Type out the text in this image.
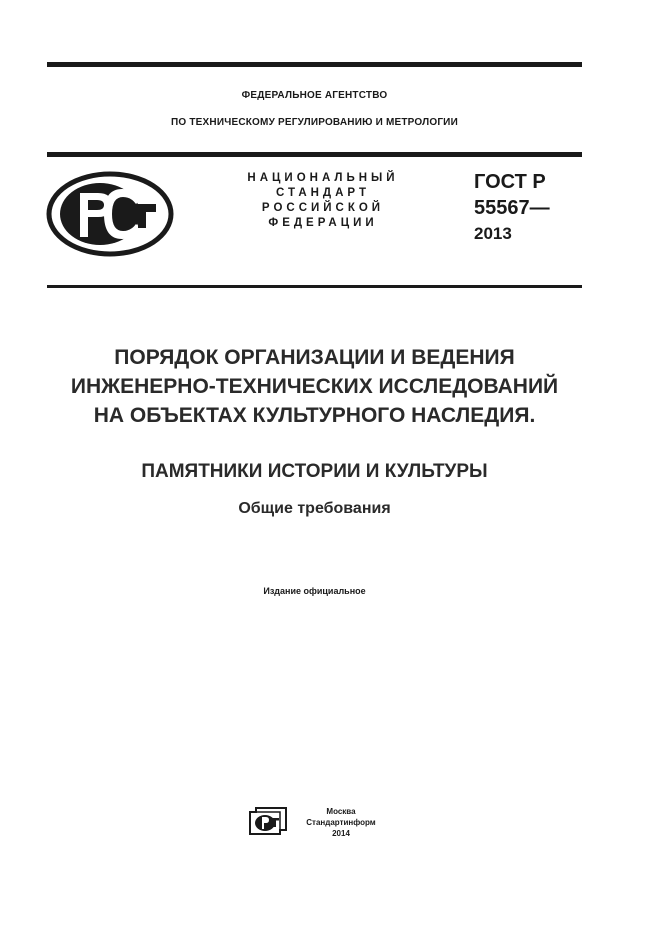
ФЕДЕРАЛЬНОЕ АГЕНТСТВО
ПО ТЕХНИЧЕСКОМУ РЕГУЛИРОВАНИЮ И МЕТРОЛОГИИ
НАЦИОНАЛЬНЫЙ
СТАНДАРТ
РОССИЙСКОЙ
ФЕДЕРАЦИИ
ГОСТ Р
55567—
2013
ПОРЯДОК ОРГАНИЗАЦИИ И ВЕДЕНИЯ
ИНЖЕНЕРНО-ТЕХНИЧЕСКИХ ИССЛЕДОВАНИЙ
НА ОБЪЕКТАХ КУЛЬТУРНОГО НАСЛЕДИЯ.
ПАМЯТНИКИ ИСТОРИИ И КУЛЬТУРЫ
Общие требования
Издание официальное
Москва
Стандартинформ
2014
